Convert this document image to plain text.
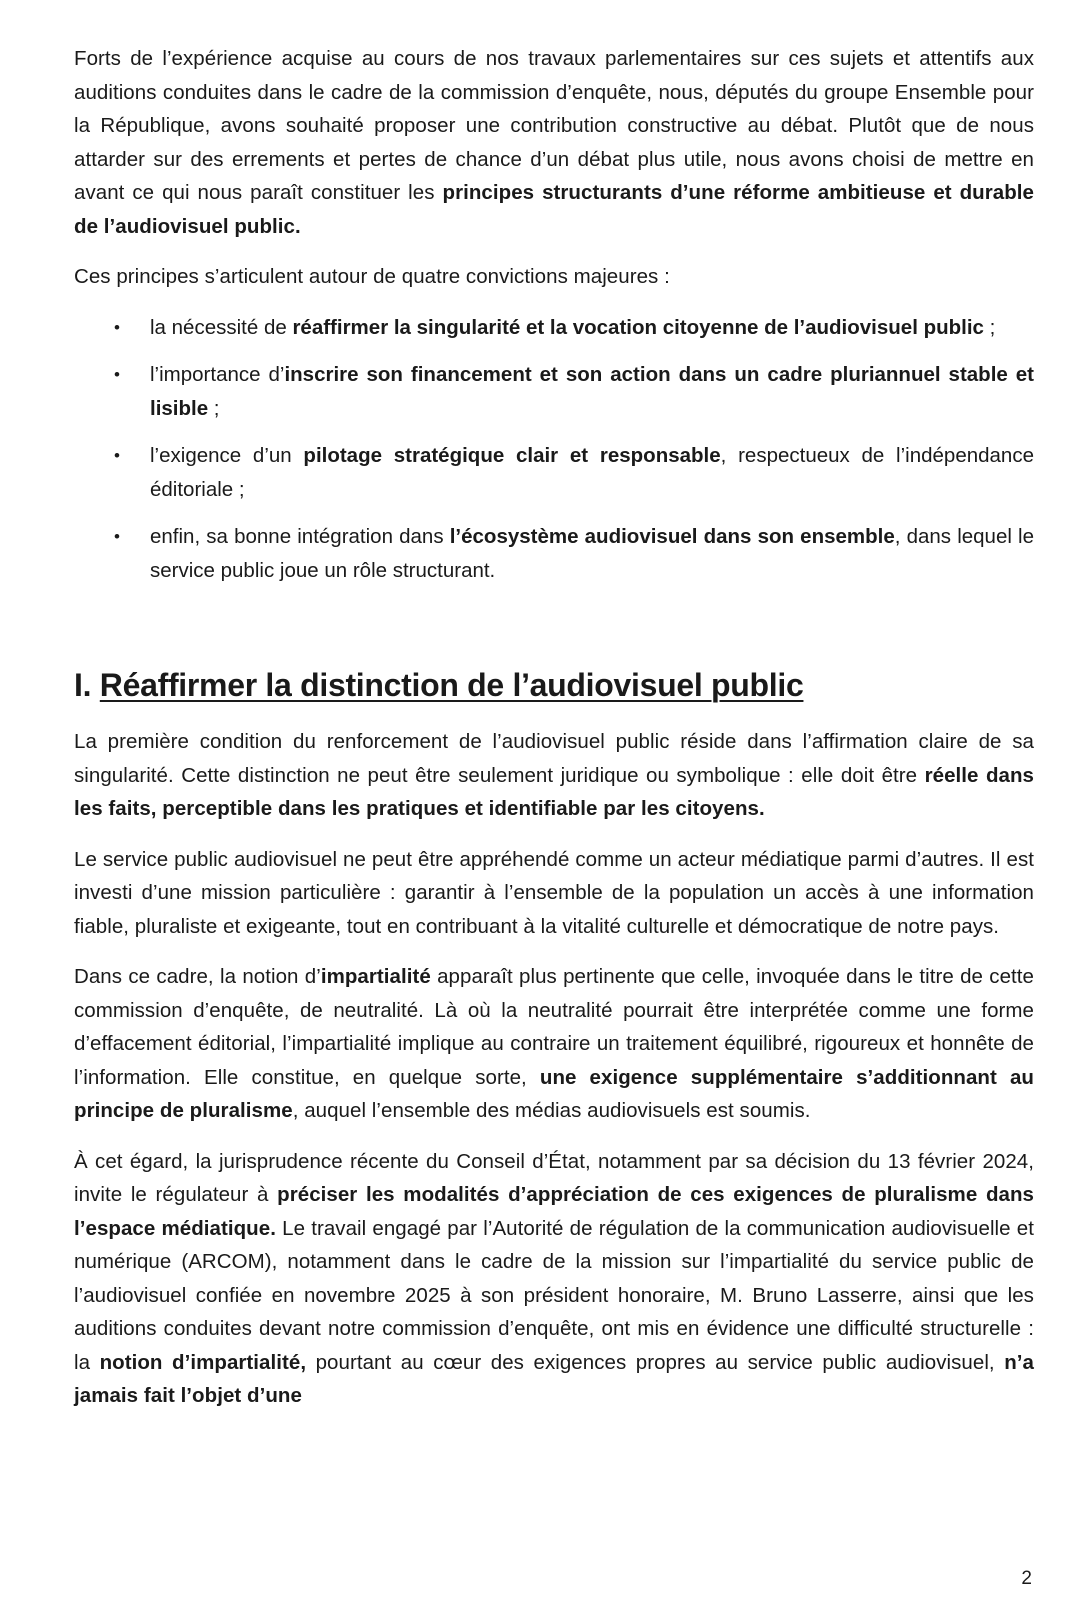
Forts de l’expérience acquise au cours de nos travaux parlementaires sur ces sujets et attentifs aux auditions conduites dans le cadre de la commission d’enquête, nous, députés du groupe Ensemble pour la République, avons souhaité proposer une contribution constructive au débat. Plutôt que de nous attarder sur des errements et pertes de chance d’un débat plus utile, nous avons choisi de mettre en avant ce qui nous paraît constituer les principes structurants d’une réforme ambitieuse et durable de l’audiovisuel public.

Ces principes s’articulent autour de quatre convictions majeures :

• la nécessité de réaffirmer la singularité et la vocation citoyenne de l’audiovisuel public ;
• l’importance d’inscrire son financement et son action dans un cadre pluriannuel stable et lisible ;
• l’exigence d’un pilotage stratégique clair et responsable, respectueux de l’indépendance éditoriale ;
• enfin, sa bonne intégration dans l’écosystème audiovisuel dans son ensemble, dans lequel le service public joue un rôle structurant.
I. Réaffirmer la distinction de l’audiovisuel public

La première condition du renforcement de l’audiovisuel public réside dans l’affirmation claire de sa singularité. Cette distinction ne peut être seulement juridique ou symbolique : elle doit être réelle dans les faits, perceptible dans les pratiques et identifiable par les citoyens.

Le service public audiovisuel ne peut être appréhendé comme un acteur médiatique parmi d’autres. Il est investi d’une mission particulière : garantir à l’ensemble de la population un accès à une information fiable, pluraliste et exigeante, tout en contribuant à la vitalité culturelle et démocratique de notre pays.

Dans ce cadre, la notion d’impartialité apparaît plus pertinente que celle, invoquée dans le titre de cette commission d’enquête, de neutralité. Là où la neutralité pourrait être interprétée comme une forme d’effacement éditorial, l’impartialité implique au contraire un traitement équilibré, rigoureux et honnête de l’information. Elle constitue, en quelque sorte, une exigence supplémentaire s’additionnant au principe de pluralisme, auquel l’ensemble des médias audiovisuels est soumis.

À cet égard, la jurisprudence récente du Conseil d’État, notamment par sa décision du 13 février 2024, invite le régulateur à préciser les modalités d’appréciation de ces exigences de pluralisme dans l’espace médiatique. Le travail engagé par l’Autorité de régulation de la communication audiovisuelle et numérique (ARCOM), notamment dans le cadre de la mission sur l’impartialité du service public de l’audiovisuel confiée en novembre 2025 à son président honoraire, M. Bruno Lasserre, ainsi que les auditions conduites devant notre commission d’enquête, ont mis en évidence une difficulté structurelle : la notion d’impartialité, pourtant au cœur des exigences propres au service public audiovisuel, n’a jamais fait l’objet d’une

2
